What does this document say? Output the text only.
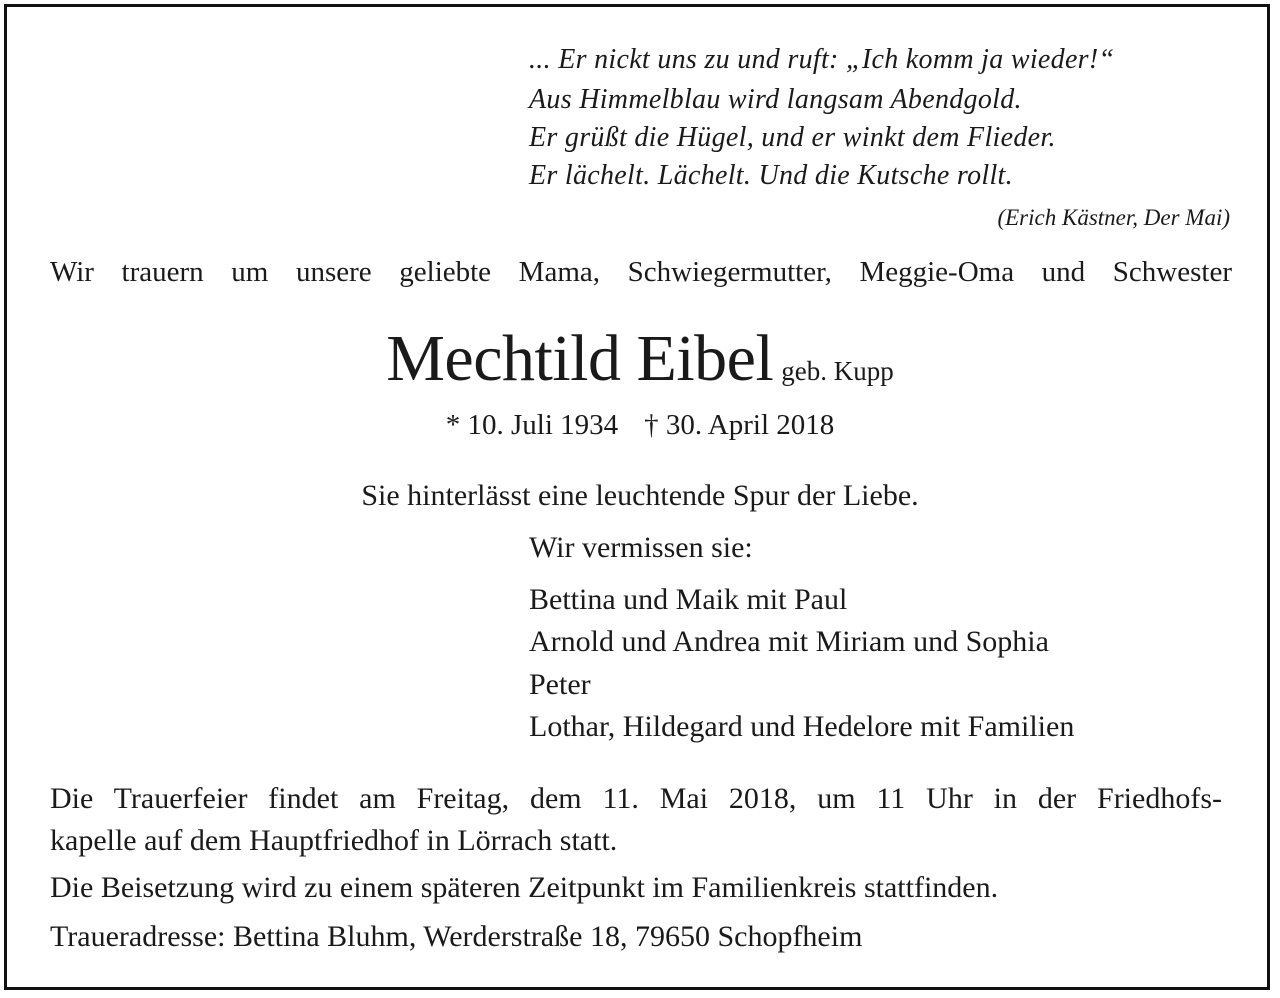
... Er nickt uns zu und ruft: „Ich komm ja wieder!“
Aus Himmelblau wird langsam Abendgold.
Er grüßt die Hügel, und er winkt dem Flieder.
Er lächelt. Lächelt. Und die Kutsche rollt.
(Erich Kästner, Der Mai)
Wir trauern um unsere geliebte Mama, Schwiegermutter, Meggie-Oma und Schwester
Mechtild Eibel geb. Kupp
* 10. Juli 1934 † 30. April 2018
Sie hinterlässt eine leuchtende Spur der Liebe.
Wir vermissen sie:
Bettina und Maik mit Paul
Arnold und Andrea mit Miriam und Sophia
Peter
Lothar, Hildegard und Hedelore mit Familien
Die Trauerfeier findet am Freitag, dem 11. Mai 2018, um 11 Uhr in der Friedhofs-
kapelle auf dem Hauptfriedhof in Lörrach statt.
Die Beisetzung wird zu einem späteren Zeitpunkt im Familienkreis stattfinden.
Traueradresse: Bettina Bluhm, Werderstraße 18, 79650 Schopfheim
